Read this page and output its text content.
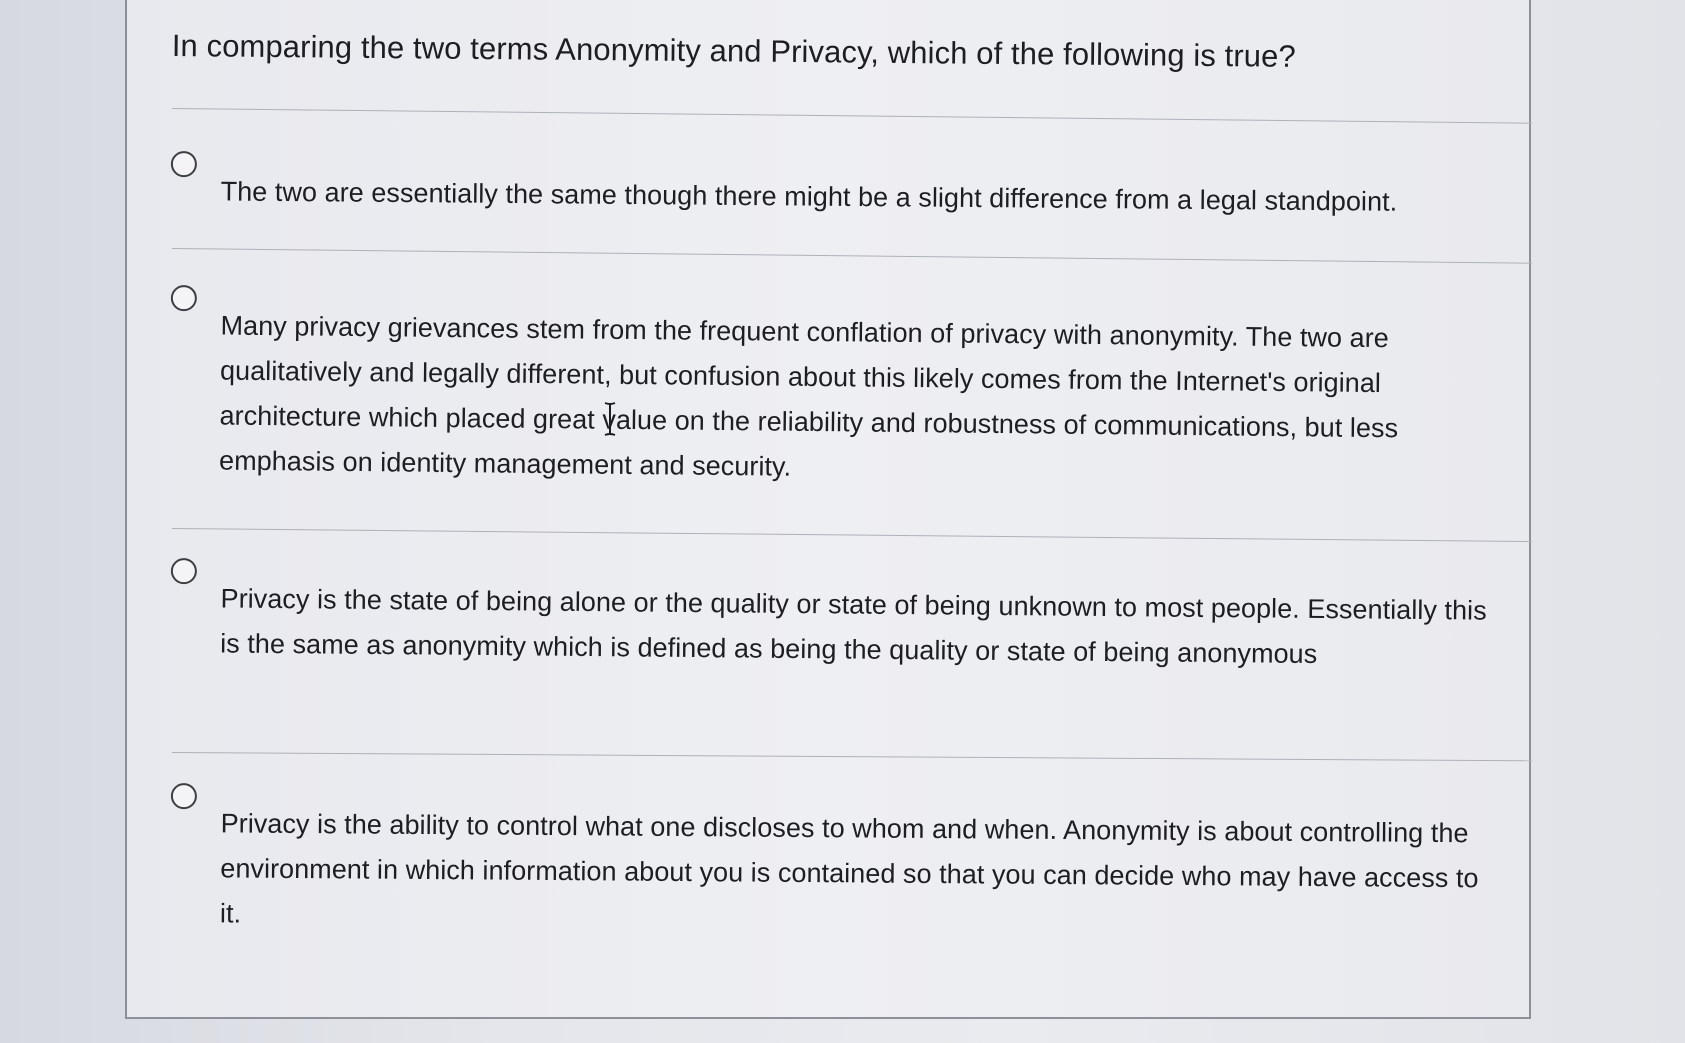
In comparing the two terms Anonymity and Privacy, which of the following is true?

The two are essentially the same though there might be a slight difference from a legal standpoint.

Many privacy grievances stem from the frequent conflation of privacy with anonymity. The two are qualitatively and legally different, but confusion about this likely comes from the Internet's original architecture which placed great value on the reliability and robustness of communications, but less emphasis on identity management and security.

Privacy is the state of being alone or the quality or state of being unknown to most people. Essentially this is the same as anonymity which is defined as being the quality or state of being anonymous

Privacy is the ability to control what one discloses to whom and when. Anonymity is about controlling the environment in which information about you is contained so that you can decide who may have access to it.
